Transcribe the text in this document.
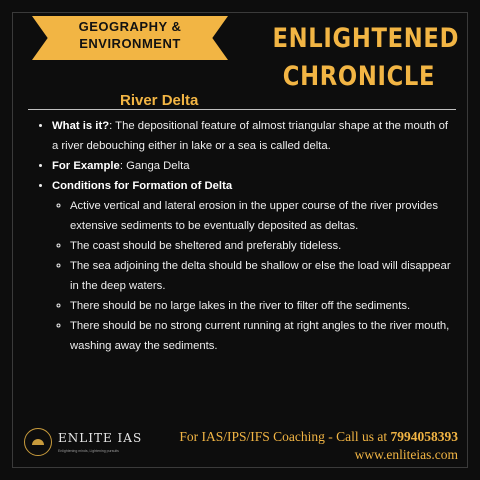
GEOGRAPHY &
ENVIRONMENT	ENLIGHTENED
CHRONICLE
River Delta
• What is it?: The depositional feature of almost triangular shape at the mouth of a river debouching either in lake or a sea is called delta.
• For Example: Ganga Delta
• Conditions for Formation of Delta
◦ Active vertical and lateral erosion in the upper course of the river provides extensive sediments to be eventually deposited as deltas.
◦ The coast should be sheltered and preferably tideless.
◦ The sea adjoining the delta should be shallow or else the load will disappear in the deep waters.
◦ There should be no large lakes in the river to filter off the sediments.
◦ There should be no strong current running at right angles to the river mouth, washing away the sediments.
ENLITE IAS
Enlightening minds, Lightening pursuits
For IAS/IPS/IFS Coaching - Call us at 7994058393
www.enliteias.com
